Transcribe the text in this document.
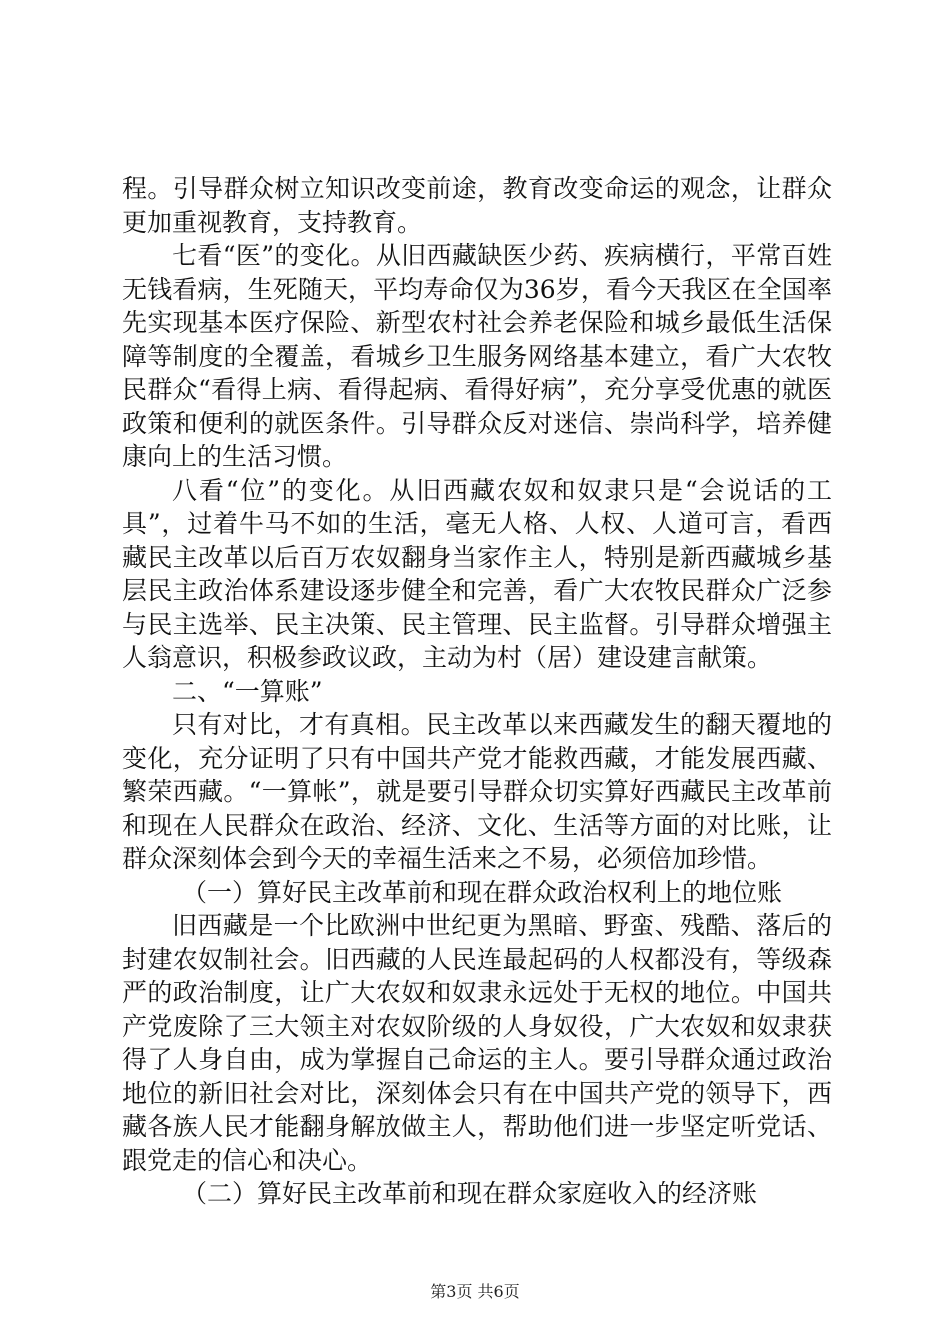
程。引导群众树立知识改变前途，教育改变命运的观念，让群众更加重视教育，支持教育。

七看“医”的变化。从旧西藏缺医少药、疾病横行，平常百姓无钱看病，生死随天，平均寿命仅为36岁，看今天我区在全国率先实现基本医疗保险、新型农村社会养老保险和城乡最低生活保障等制度的全覆盖，看城乡卫生服务网络基本建立，看广大农牧民群众“看得上病、看得起病、看得好病”，充分享受优惠的就医政策和便利的就医条件。引导群众反对迷信、崇尚科学，培养健康向上的生活习惯。

八看“位”的变化。从旧西藏农奴和奴隶只是“会说话的工具”，过着牛马不如的生活，毫无人格、人权、人道可言，看西藏民主改革以后百万农奴翻身当家作主人，特别是新西藏城乡基层民主政治体系建设逐步健全和完善，看广大农牧民群众广泛参与民主选举、民主决策、民主管理、民主监督。引导群众增强主人翁意识，积极参政议政，主动为村（居）建设建言献策。

二、“一算账”

只有对比，才有真相。民主改革以来西藏发生的翻天覆地的变化，充分证明了只有中国共产党才能救西藏，才能发展西藏、繁荣西藏。“一算帐”，就是要引导群众切实算好西藏民主改革前和现在人民群众在政治、经济、文化、生活等方面的对比账，让群众深刻体会到今天的幸福生活来之不易，必须倍加珍惜。

（一）算好民主改革前和现在群众政治权利上的地位账

旧西藏是一个比欧洲中世纪更为黑暗、野蛮、残酷、落后的封建农奴制社会。旧西藏的人民连最起码的人权都没有，等级森严的政治制度，让广大农奴和奴隶永远处于无权的地位。中国共产党废除了三大领主对农奴阶级的人身奴役，广大农奴和奴隶获得了人身自由，成为掌握自己命运的主人。要引导群众通过政治地位的新旧社会对比，深刻体会只有在中国共产党的领导下，西藏各族人民才能翻身解放做主人，帮助他们进一步坚定听党话、跟党走的信心和决心。

（二）算好民主改革前和现在群众家庭收入的经济账

第3页 共6页
